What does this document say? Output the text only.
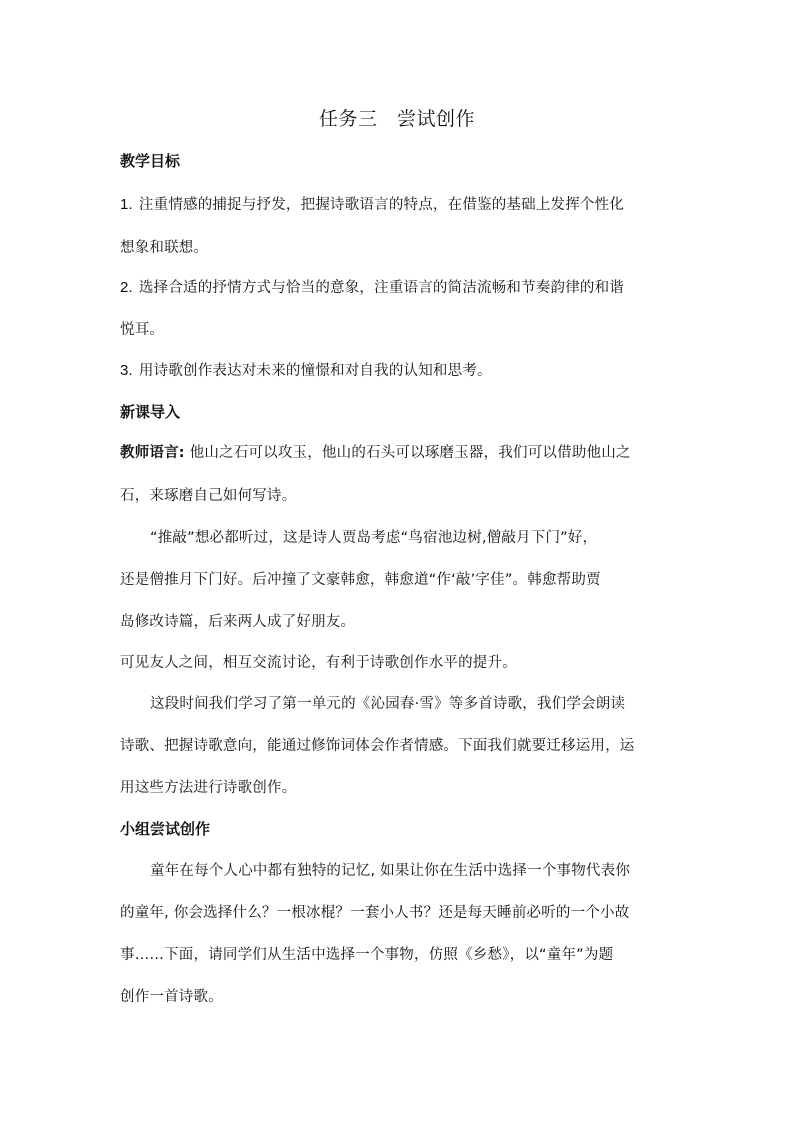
任务三　尝试创作
教学目标
1. 注重情感的捕捉与抒发，把握诗歌语言的特点，在借鉴的基础上发挥个性化
想象和联想。
2. 选择合适的抒情方式与恰当的意象，注重语言的简洁流畅和节奏韵律的和谐
悦耳。
3. 用诗歌创作表达对未来的憧憬和对自我的认知和思考。
新课导入
教师语言: 他山之石可以攻玉，他山的石头可以琢磨玉器，我们可以借助他山之
石，来琢磨自己如何写诗。
“推敲”想必都听过，这是诗人贾岛考虑“鸟宿池边树,僧敲月下门”好，
还是僧推月下门好。后冲撞了文豪韩愈，韩愈道“作‘敲’字佳”。韩愈帮助贾
岛修改诗篇，后来两人成了好朋友。
可见友人之间，相互交流讨论，有利于诗歌创作水平的提升。
这段时间我们学习了第一单元的《沁园春·雪》等多首诗歌，我们学会朗读
诗歌、把握诗歌意向，能通过修饰词体会作者情感。下面我们就要迁移运用，运
用这些方法进行诗歌创作。
小组尝试创作
童年在每个人心中都有独特的记忆, 如果让你在生活中选择一个事物代表你
的童年, 你会选择什么？一根冰棍？一套小人书？还是每天睡前必听的一个小故
事……下面，请同学们从生活中选择一个事物，仿照《乡愁》，以“童年”为题
创作一首诗歌。
